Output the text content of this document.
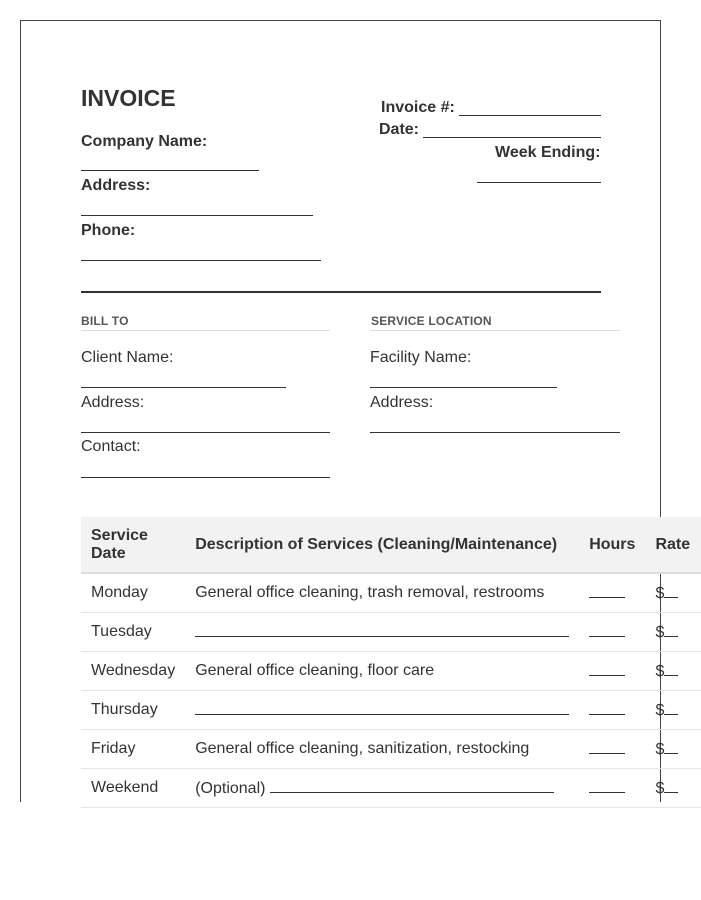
INVOICE
Company Name:
Address:
Phone:
Invoice #:
Date:
Week Ending:
BILL TO
Client Name:
Address:
Contact:
SERVICE LOCATION
Facility Name:
Address:
Service
Date	Description of Services (Cleaning/Maintenance)	Hours	Rate

Monday	General office cleaning, trash removal, restrooms		$

Tuesday			$

Wednesday	General office cleaning, floor care		$

Thursday			$

Friday	General office cleaning, sanitization, restocking		$

Weekend	(Optional)		$
